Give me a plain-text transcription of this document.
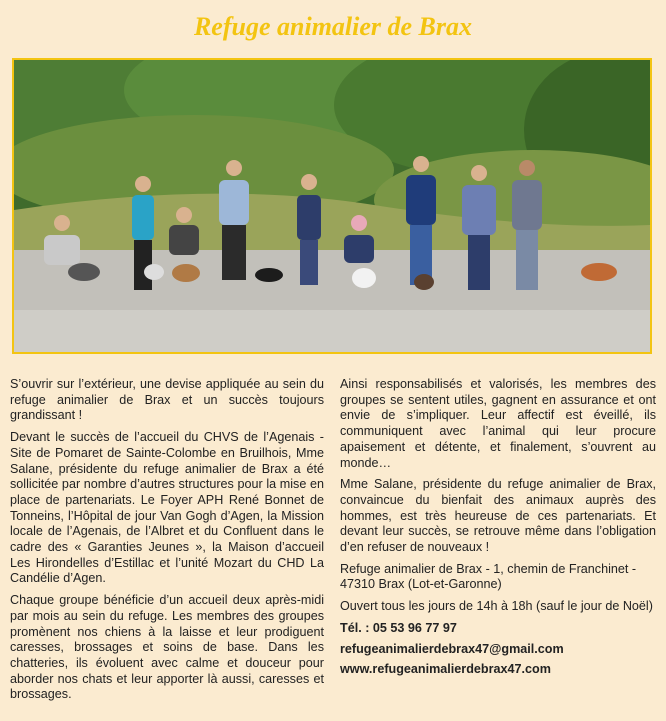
Refuge animalier de Brax

S’ouvrir sur l’extérieur, une devise appliquée au sein du refuge animalier de Brax et un succès toujours grandissant !

Devant le succès de l’accueil du CHVS de l’Agenais - Site de Pomaret de Sainte-Colombe en Bruilhois, Mme Salane, présidente du refuge animalier de Brax a été sollicitée par nombre d’autres structures pour la mise en place de partenariats. Le Foyer APH René Bonnet de Tonneins, l’Hôpital de jour Van Gogh d’Agen, la Mission locale de l’Agenais, de l’Albret et du Confluent dans le cadre des « Garanties Jeunes », la Maison d’accueil Les Hirondelles d’Estillac et l’unité Mozart du CHD La Candélie d’Agen.

Chaque groupe bénéficie d’un accueil deux après-midi par mois au sein du refuge. Les membres des groupes promènent nos chiens à la laisse et leur prodiguent caresses, brossages et soins de base. Dans les chatteries, ils évoluent avec calme et douceur pour aborder nos chats et leur apporter là aussi, caresses et brossages.

Ainsi responsabilisés et valorisés, les membres des groupes se sentent utiles, gagnent en assurance et ont envie de s’impliquer. Leur affectif est éveillé, ils communiquent avec l’animal qui leur procure apaisement et détente, et finalement, s’ouvrent au monde…

Mme Salane, présidente du refuge animalier de Brax, convaincue du bienfait des animaux auprès des hommes, est très heureuse de ces partenariats. Et devant leur succès, se retrouve même dans l’obligation d’en refuser de nouveaux !

Refuge animalier de Brax - 1, chemin de Franchinet - 47310 Brax (Lot-et-Garonne)

Ouvert tous les jours de 14h à 18h (sauf le jour de Noël)

Tél. : 05 53 96 77 97

refugeanimalierdebrax47@gmail.com

www.refugeanimalierdebrax47.com
